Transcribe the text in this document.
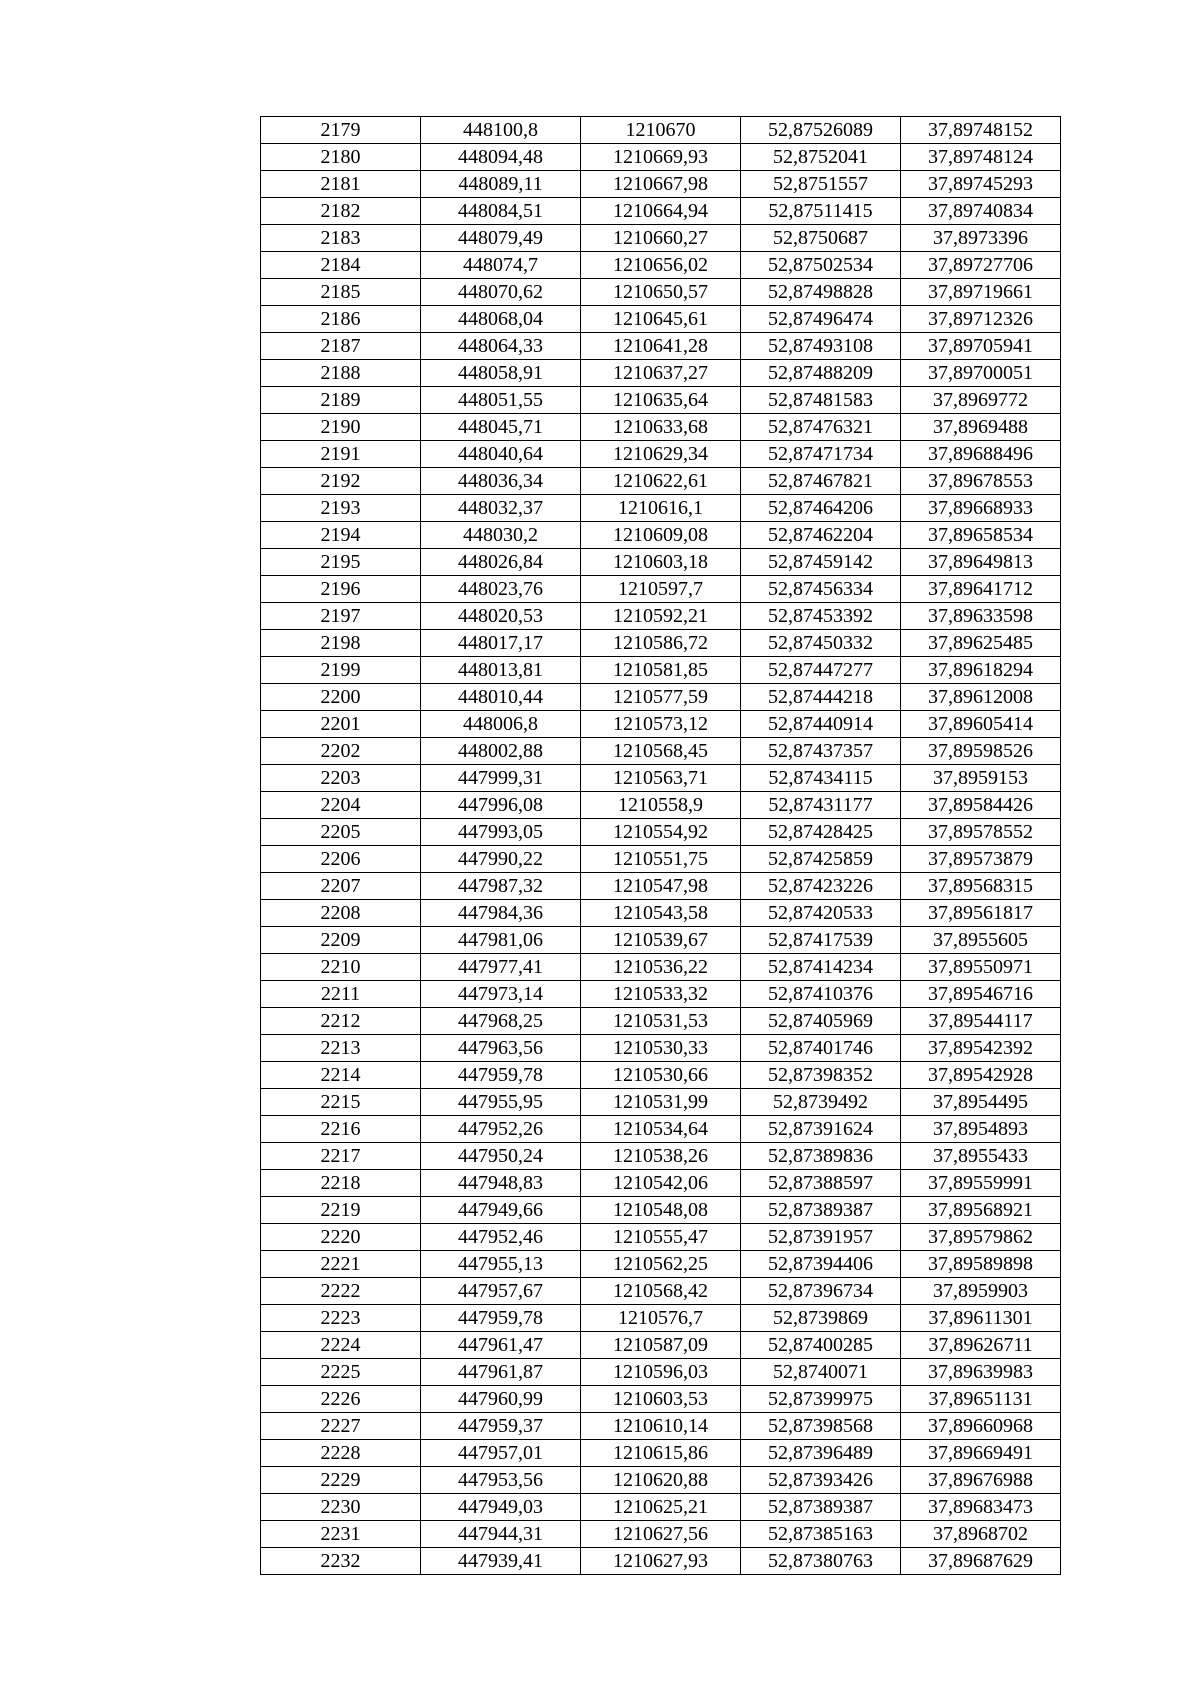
2179	448100,8	1210670	52,87526089	37,89748152
2180	448094,48	1210669,93	52,8752041	37,89748124
2181	448089,11	1210667,98	52,8751557	37,89745293
2182	448084,51	1210664,94	52,87511415	37,89740834
2183	448079,49	1210660,27	52,8750687	37,8973396
2184	448074,7	1210656,02	52,87502534	37,89727706
2185	448070,62	1210650,57	52,87498828	37,89719661
2186	448068,04	1210645,61	52,87496474	37,89712326
2187	448064,33	1210641,28	52,87493108	37,89705941
2188	448058,91	1210637,27	52,87488209	37,89700051
2189	448051,55	1210635,64	52,87481583	37,8969772
2190	448045,71	1210633,68	52,87476321	37,8969488
2191	448040,64	1210629,34	52,87471734	37,89688496
2192	448036,34	1210622,61	52,87467821	37,89678553
2193	448032,37	1210616,1	52,87464206	37,89668933
2194	448030,2	1210609,08	52,87462204	37,89658534
2195	448026,84	1210603,18	52,87459142	37,89649813
2196	448023,76	1210597,7	52,87456334	37,89641712
2197	448020,53	1210592,21	52,87453392	37,89633598
2198	448017,17	1210586,72	52,87450332	37,89625485
2199	448013,81	1210581,85	52,87447277	37,89618294
2200	448010,44	1210577,59	52,87444218	37,89612008
2201	448006,8	1210573,12	52,87440914	37,89605414
2202	448002,88	1210568,45	52,87437357	37,89598526
2203	447999,31	1210563,71	52,87434115	37,8959153
2204	447996,08	1210558,9	52,87431177	37,89584426
2205	447993,05	1210554,92	52,87428425	37,89578552
2206	447990,22	1210551,75	52,87425859	37,89573879
2207	447987,32	1210547,98	52,87423226	37,89568315
2208	447984,36	1210543,58	52,87420533	37,89561817
2209	447981,06	1210539,67	52,87417539	37,8955605
2210	447977,41	1210536,22	52,87414234	37,89550971
2211	447973,14	1210533,32	52,87410376	37,89546716
2212	447968,25	1210531,53	52,87405969	37,89544117
2213	447963,56	1210530,33	52,87401746	37,89542392
2214	447959,78	1210530,66	52,87398352	37,89542928
2215	447955,95	1210531,99	52,8739492	37,8954495
2216	447952,26	1210534,64	52,87391624	37,8954893
2217	447950,24	1210538,26	52,87389836	37,8955433
2218	447948,83	1210542,06	52,87388597	37,89559991
2219	447949,66	1210548,08	52,87389387	37,89568921
2220	447952,46	1210555,47	52,87391957	37,89579862
2221	447955,13	1210562,25	52,87394406	37,89589898
2222	447957,67	1210568,42	52,87396734	37,8959903
2223	447959,78	1210576,7	52,8739869	37,89611301
2224	447961,47	1210587,09	52,87400285	37,89626711
2225	447961,87	1210596,03	52,8740071	37,89639983
2226	447960,99	1210603,53	52,87399975	37,89651131
2227	447959,37	1210610,14	52,87398568	37,89660968
2228	447957,01	1210615,86	52,87396489	37,89669491
2229	447953,56	1210620,88	52,87393426	37,89676988
2230	447949,03	1210625,21	52,87389387	37,89683473
2231	447944,31	1210627,56	52,87385163	37,8968702
2232	447939,41	1210627,93	52,87380763	37,89687629
